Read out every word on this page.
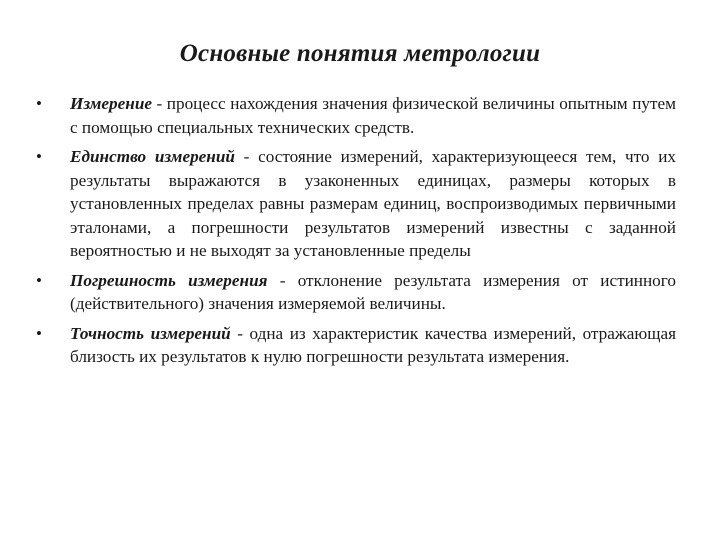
Основные понятия метрологии
•	Измерение - процесс нахождения значения физической величины опытным путем с помощью специальных технических средств.
•	Единство измерений - состояние измерений, характеризующееся тем, что их результаты выражаются в узаконенных единицах, размеры которых в установленных пределах равны размерам единиц, воспроизводимых первичными эталонами, а погрешности результатов измерений известны с заданной вероятностью и не выходят за установленные пределы
•	Погрешность измерения - отклонение результата измерения от истинного (действительного) значения измеряемой величины.
•	Точность измерений - одна из характеристик качества измерений, отражающая близость их результатов к нулю погрешности результата измерения.
